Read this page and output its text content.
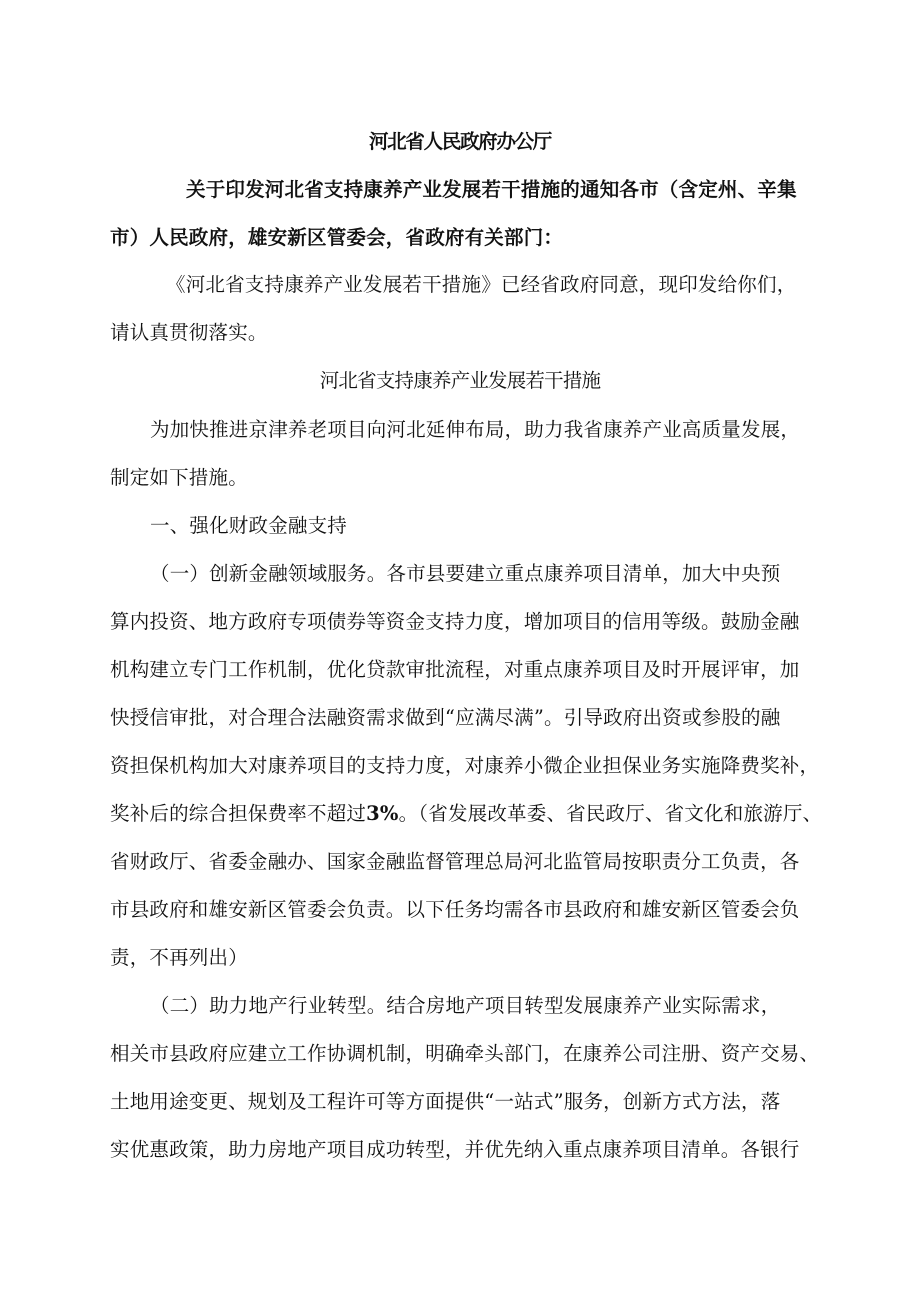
河北省人民政府办公厅
关于印发河北省支持康养产业发展若干措施的通知各市（含定州、辛集
市）人民政府，雄安新区管委会，省政府有关部门：
《河北省支持康养产业发展若干措施》已经省政府同意，现印发给你们，
请认真贯彻落实。
河北省支持康养产业发展若干措施
为加快推进京津养老项目向河北延伸布局，助力我省康养产业高质量发展，
制定如下措施。
一、强化财政金融支持
（一）创新金融领域服务。各市县要建立重点康养项目清单，加大中央预
算内投资、地方政府专项债券等资金支持力度，增加项目的信用等级。鼓励金融
机构建立专门工作机制，优化贷款审批流程，对重点康养项目及时开展评审，加
快授信审批，对合理合法融资需求做到“应满尽满”。引导政府出资或参股的融
资担保机构加大对康养项目的支持力度，对康养小微企业担保业务实施降费奖补，
奖补后的综合担保费率不超过3%。（省发展改革委、省民政厅、省文化和旅游厅、
省财政厅、省委金融办、国家金融监督管理总局河北监管局按职责分工负责，各
市县政府和雄安新区管委会负责。以下任务均需各市县政府和雄安新区管委会负
责，不再列出）
（二）助力地产行业转型。结合房地产项目转型发展康养产业实际需求，
相关市县政府应建立工作协调机制，明确牵头部门，在康养公司注册、资产交易、
土地用途变更、规划及工程许可等方面提供“一站式”服务，创新方式方法，落
实优惠政策，助力房地产项目成功转型，并优先纳入重点康养项目清单。各银行
